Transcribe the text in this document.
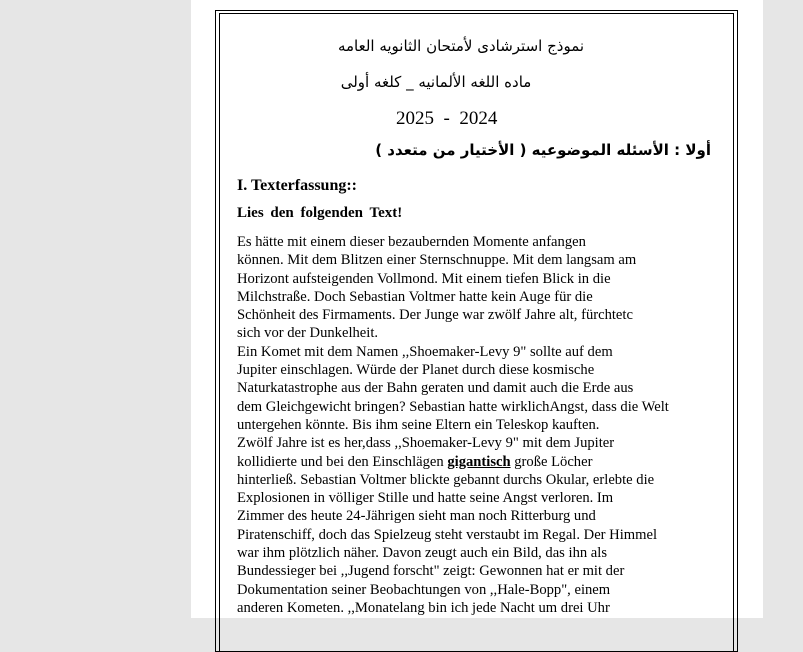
نموذج استرشادى لأمتحان الثانويه العامه
ماده اللغه الألمانيه _ كلغه أولى
2025  -  2024
أولا : الأسئله الموضوعيه ( الأختيار من متعدد )

I. Texterfassung::

Lies den folgenden Text!

Es hätte mit einem dieser bezaubernden Momente anfangen
können. Mit dem Blitzen einer Sternschnuppe. Mit dem langsam am
Horizont aufsteigenden Vollmond. Mit einem tiefen Blick in die
Milchstraße. Doch Sebastian Voltmer hatte kein Auge für die
Schönheit des Firmaments. Der Junge war zwölf Jahre alt, fürchtetc
sich vor der Dunkelheit.
Ein Komet mit dem Namen ,,Shoemaker-Levy 9" sollte auf dem
Jupiter einschlagen. Würde der Planet durch diese kosmische
Naturkatastrophe aus der Bahn geraten und damit auch die Erde aus
dem Gleichgewicht bringen? Sebastian hatte wirklichAngst, dass die Welt
untergehen könnte. Bis ihm seine Eltern ein Teleskop kauften.
Zwölf Jahre ist es her,dass ,,Shoemaker-Levy 9" mit dem Jupiter
kollidierte und bei den Einschlägen gigantisch große Löcher
hinterließ. Sebastian Voltmer blickte gebannt durchs Okular, erlebte die
Explosionen in völliger Stille und hatte seine Angst verloren. Im
Zimmer des heute 24-Jährigen sieht man noch Ritterburg und
Piratenschiff, doch das Spielzeug steht verstaubt im Regal. Der Himmel
war ihm plötzlich näher. Davon zeugt auch ein Bild, das ihn als
Bundessieger bei ,,Jugend forscht" zeigt: Gewonnen hat er mit der
Dokumentation seiner Beobachtungen von ,,Hale-Bopp", einem
anderen Kometen. ,,Monatelang bin ich jede Nacht um drei Uhr
